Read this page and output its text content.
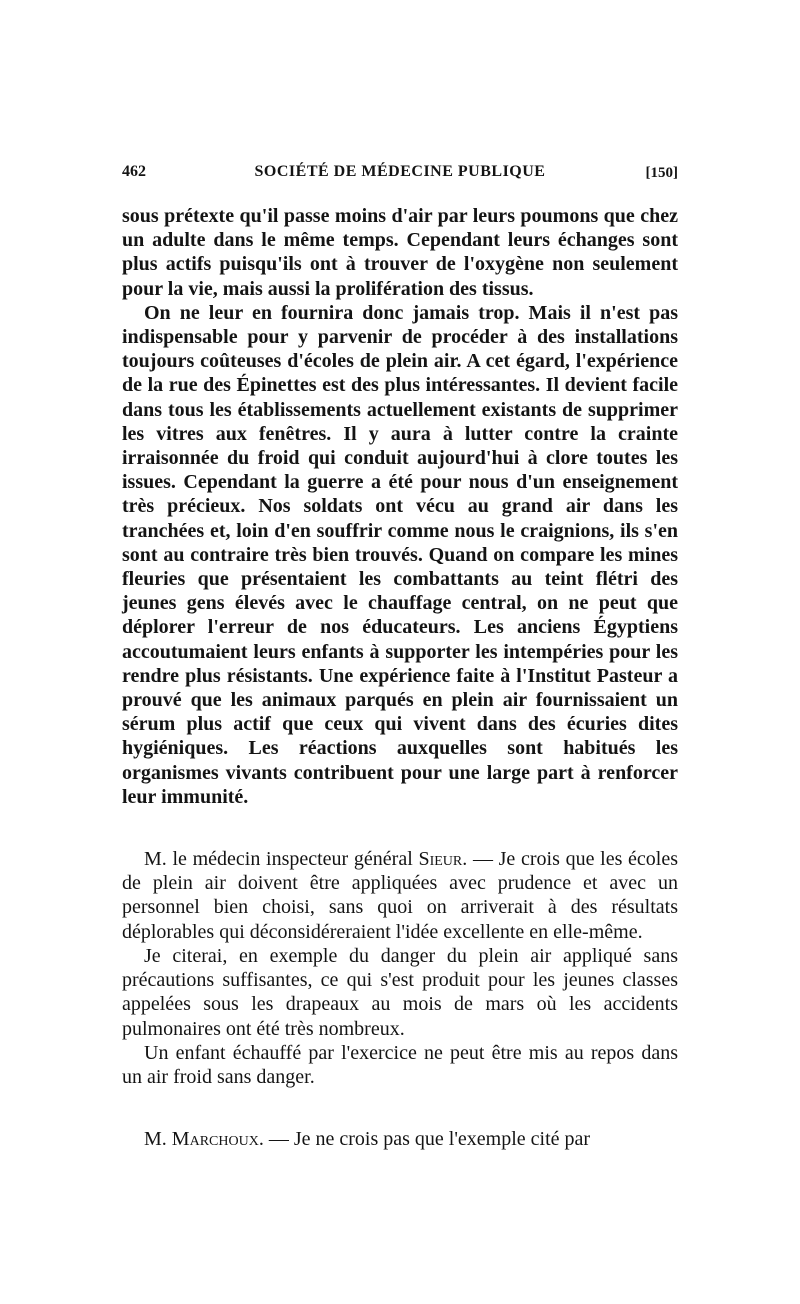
462	SOCIÉTÉ DE MÉDECINE PUBLIQUE	[150]

sous prétexte qu'il passe moins d'air par leurs poumons que chez un adulte dans le même temps. Cependant leurs échanges sont plus actifs puisqu'ils ont à trouver de l'oxygène non seulement pour la vie, mais aussi la prolifération des tissus.

On ne leur en fournira donc jamais trop. Mais il n'est pas indispensable pour y parvenir de procéder à des installations toujours coûteuses d'écoles de plein air. A cet égard, l'expérience de la rue des Épinettes est des plus intéressantes. Il devient facile dans tous les établissements actuellement existants de supprimer les vitres aux fenêtres. Il y aura à lutter contre la crainte irraisonnée du froid qui conduit aujourd'hui à clore toutes les issues. Cependant la guerre a été pour nous d'un enseignement très précieux. Nos soldats ont vécu au grand air dans les tranchées et, loin d'en souffrir comme nous le craignions, ils s'en sont au contraire très bien trouvés. Quand on compare les mines fleuries que présentaient les combattants au teint flétri des jeunes gens élevés avec le chauffage central, on ne peut que déplorer l'erreur de nos éducateurs. Les anciens Égyptiens accoutumaient leurs enfants à supporter les intempéries pour les rendre plus résistants. Une expérience faite à l'Institut Pasteur a prouvé que les animaux parqués en plein air fournissaient un sérum plus actif que ceux qui vivent dans des écuries dites hygiéniques. Les réactions auxquelles sont habitués les organismes vivants contribuent pour une large part à renforcer leur immunité.

M. le médecin inspecteur général Sieur. — Je crois que les écoles de plein air doivent être appliquées avec prudence et avec un personnel bien choisi, sans quoi on arriverait à des résultats déplorables qui déconsidéreraient l'idée excellente en elle-même.

Je citerai, en exemple du danger du plein air appliqué sans précautions suffisantes, ce qui s'est produit pour les jeunes classes appelées sous les drapeaux au mois de mars où les accidents pulmonaires ont été très nombreux.

Un enfant échauffé par l'exercice ne peut être mis au repos dans un air froid sans danger.

M. Marchoux. — Je ne crois pas que l'exemple cité par
